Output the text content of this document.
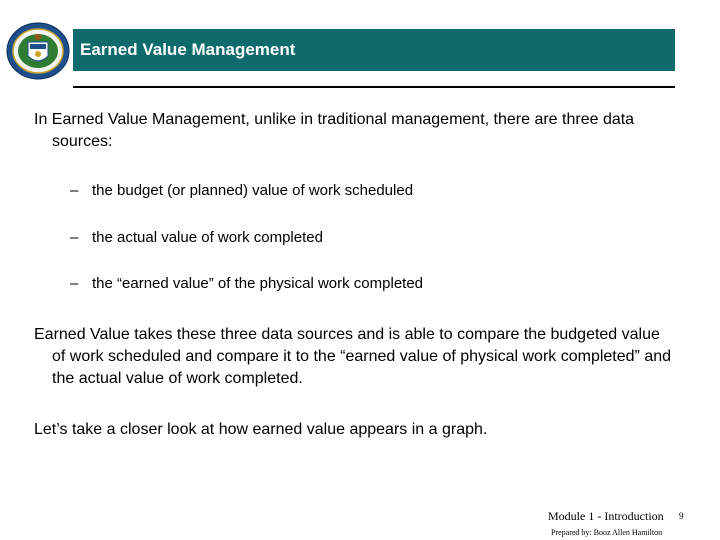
Earned Value Management

In Earned Value Management, unlike in traditional management, there are three data sources:

– the budget (or planned) value of work scheduled
– the actual value of work completed
– the “earned value” of the physical work completed

Earned Value takes these three data sources and is able to compare the budgeted value of work scheduled and compare it to the “earned value of physical work completed” and the actual value of work completed.

Let’s take a closer look at how earned value appears in a graph.

Module 1 - Introduction 9
Prepared by: Booz Allen Hamilton
